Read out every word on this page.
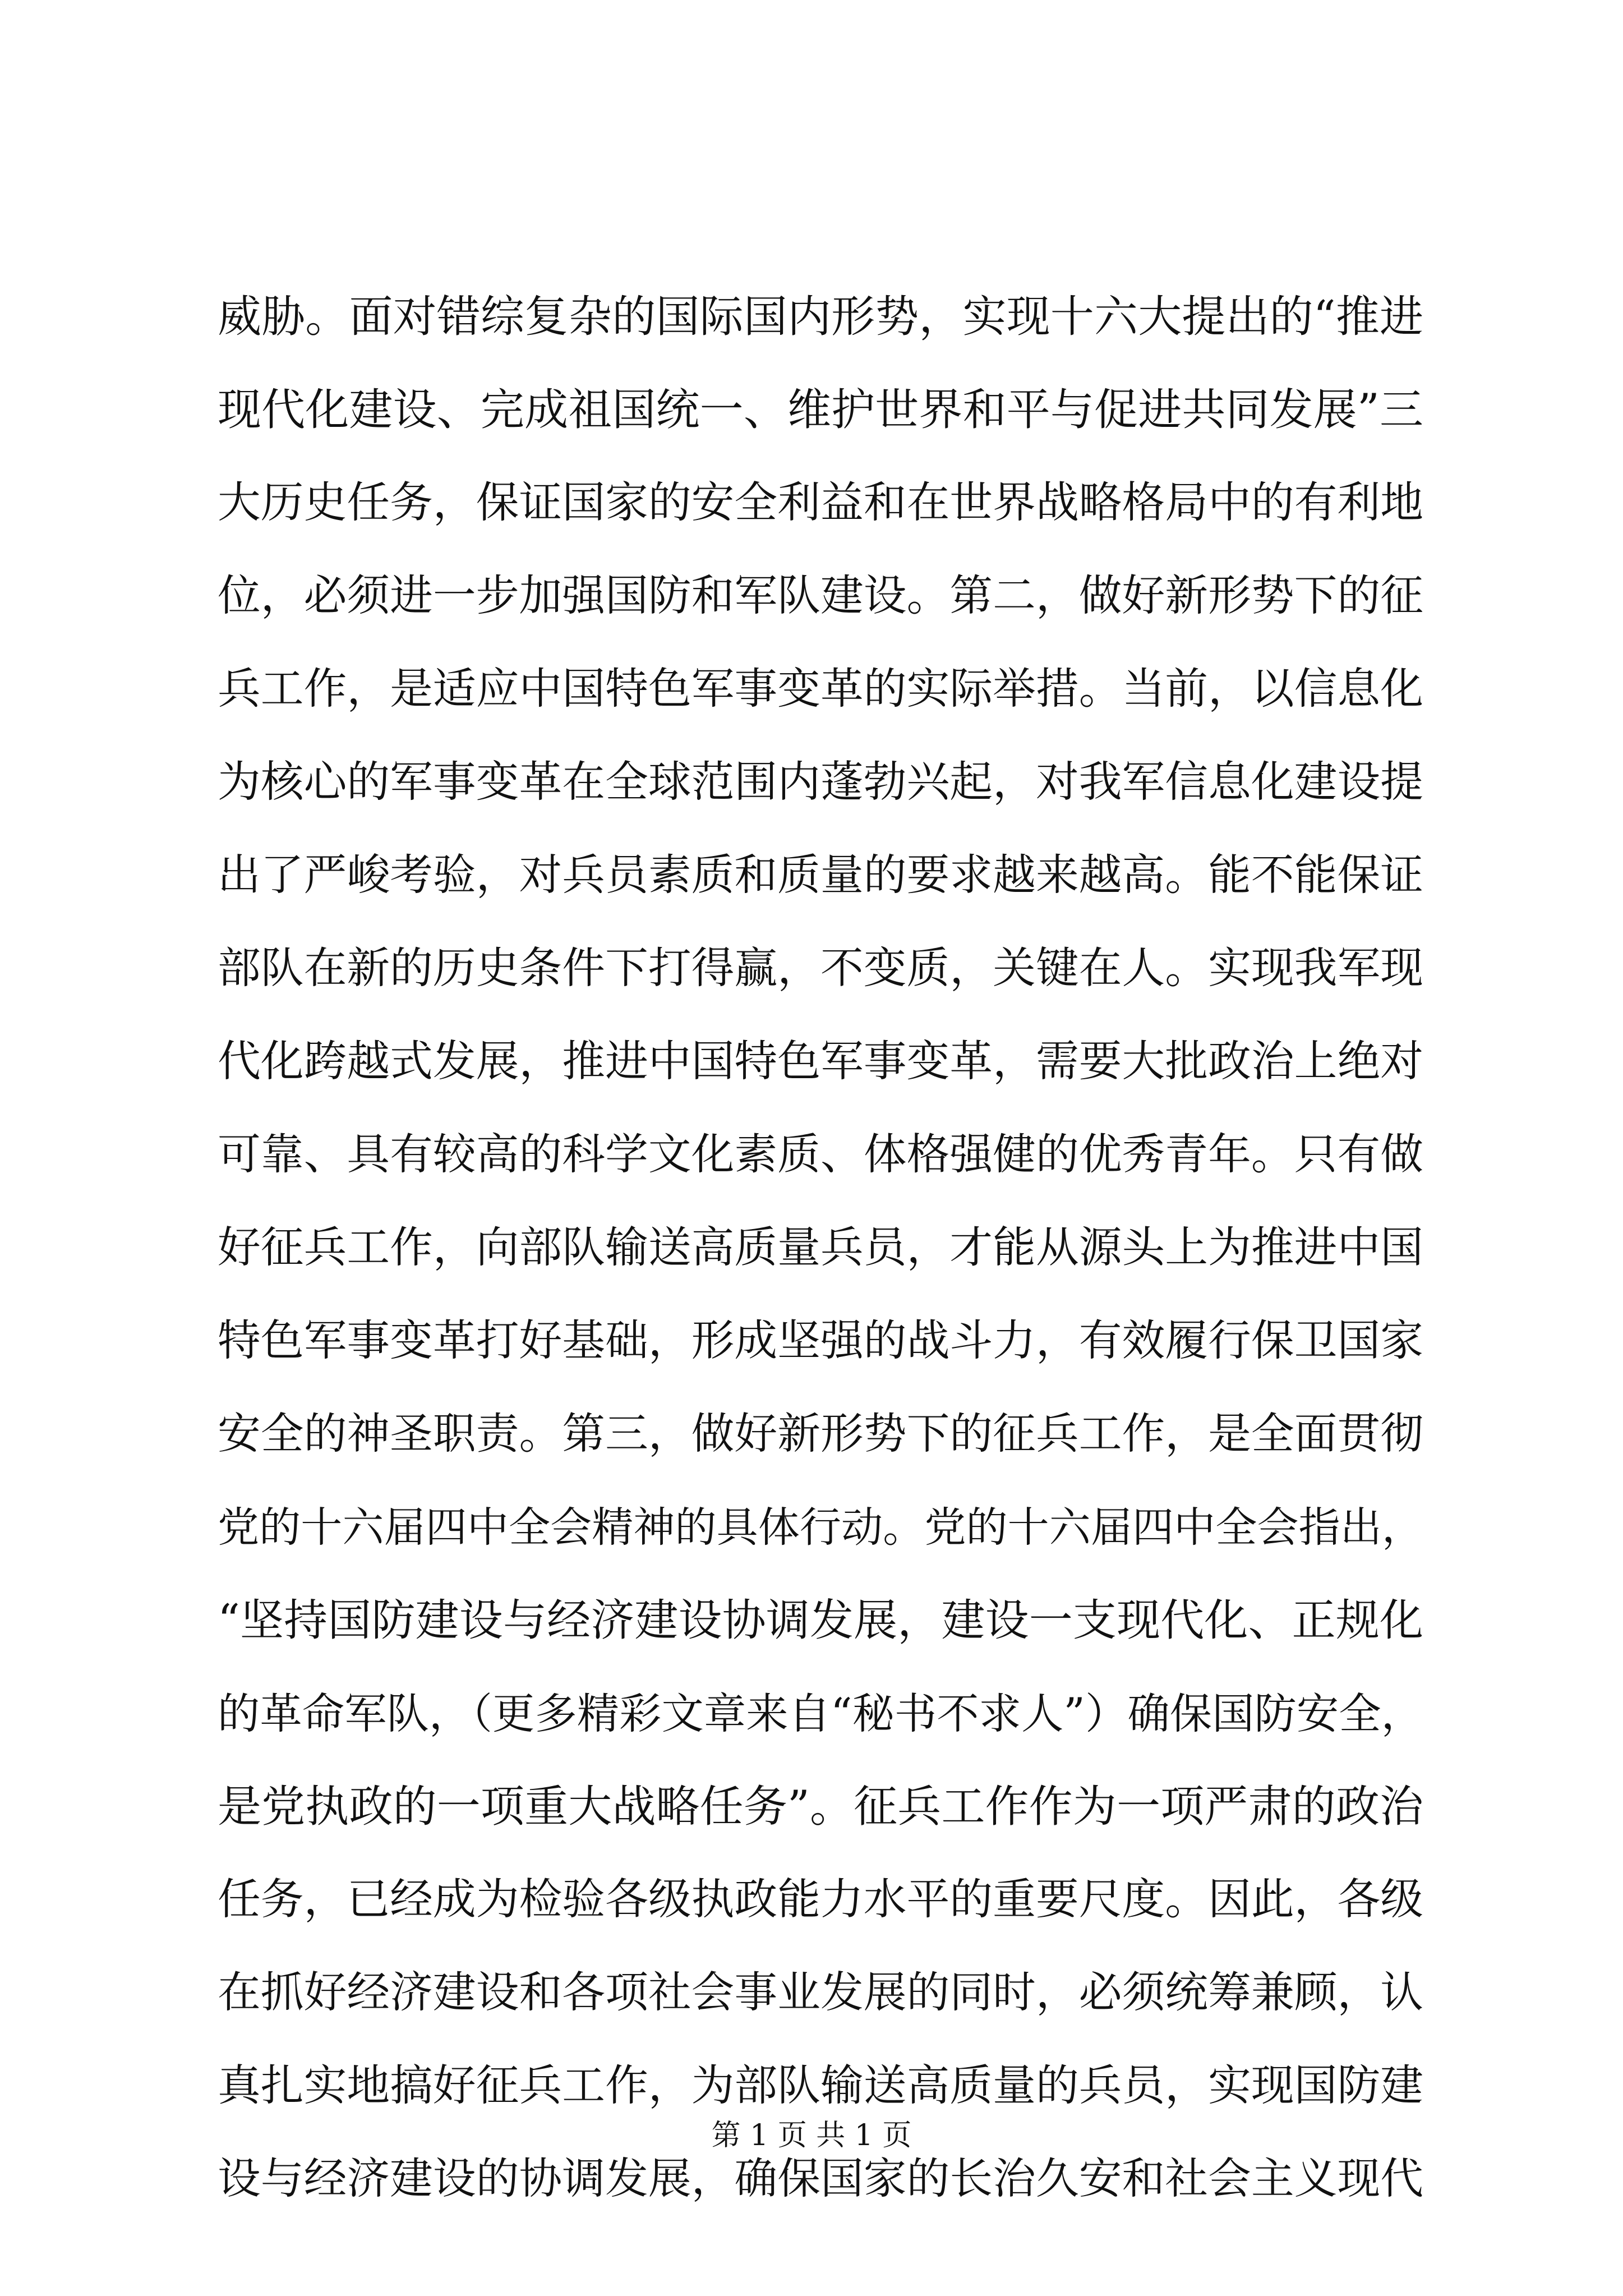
威胁。面对错综复杂的国际国内形势，实现十六大提出的“推进
现代化建设、完成祖国统一、维护世界和平与促进共同发展”三
大历史任务，保证国家的安全利益和在世界战略格局中的有利地
位，必须进一步加强国防和军队建设。第二，做好新形势下的征
兵工作，是适应中国特色军事变革的实际举措。当前，以信息化
为核心的军事变革在全球范围内蓬勃兴起，对我军信息化建设提
出了严峻考验，对兵员素质和质量的要求越来越高。能不能保证
部队在新的历史条件下打得赢，不变质，关键在人。实现我军现
代化跨越式发展，推进中国特色军事变革，需要大批政治上绝对
可靠、具有较高的科学文化素质、体格强健的优秀青年。只有做
好征兵工作，向部队输送高质量兵员，才能从源头上为推进中国
特色军事变革打好基础，形成坚强的战斗力，有效履行保卫国家
安全的神圣职责。第三，做好新形势下的征兵工作，是全面贯彻
党的十六届四中全会精神的具体行动。党的十六届四中全会指出，
“坚持国防建设与经济建设协调发展，建设一支现代化、正规化
的革命军队，（更多精彩文章来自“秘书不求人”）确保国防安全，
是党执政的一项重大战略任务”。征兵工作作为一项严肃的政治
任务，已经成为检验各级执政能力水平的重要尺度。因此，各级
在抓好经济建设和各项社会事业发展的同时，必须统筹兼顾，认
真扎实地搞好征兵工作，为部队输送高质量的兵员，实现国防建
设与经济建设的协调发展，确保国家的长治久安和社会主义现代
第 1 页 共 1 页
